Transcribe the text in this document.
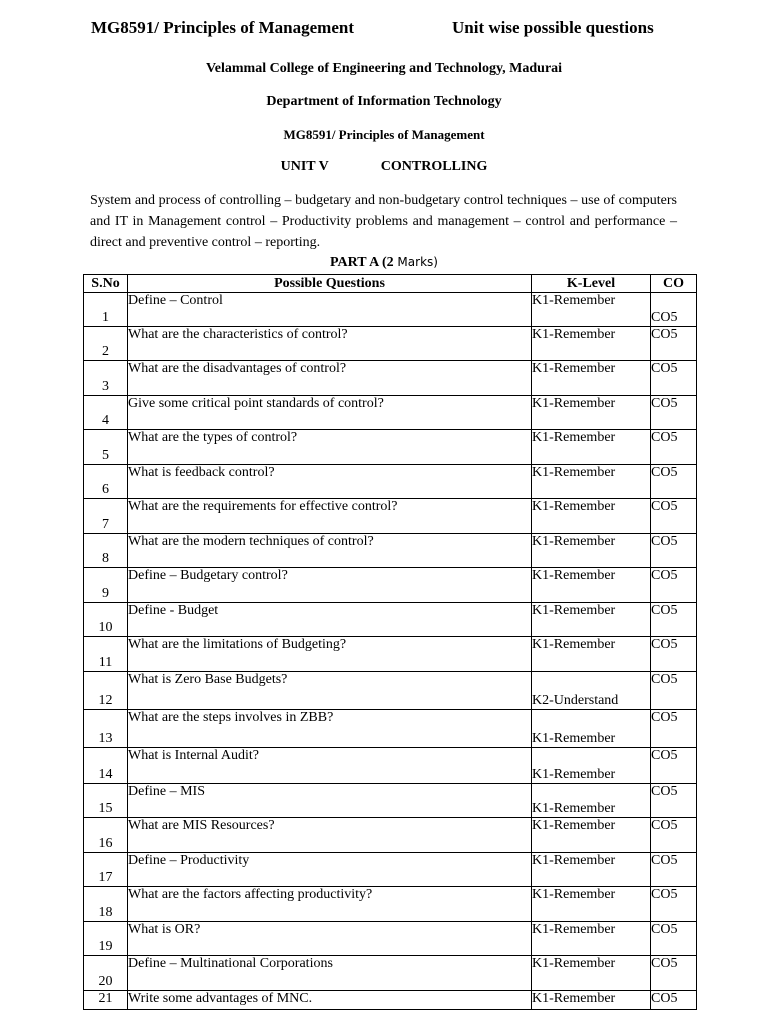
MG8591/ Principles of Management	Unit wise possible questions
Velammal College of Engineering and Technology, Madurai
Department of Information Technology
MG8591/ Principles of Management
UNIT V	CONTROLLING
System and process of controlling – budgetary and non-budgetary control techniques – use of computers and IT in Management control – Productivity problems and management – control and performance – direct and preventive control – reporting.
PART A (2 Marks)
S.No	Possible Questions	K-Level	CO
1	Define – Control	K1-Remember	CO5
2	What are the characteristics of control?	K1-Remember	CO5
3	What are the disadvantages of control?	K1-Remember	CO5
4	Give some critical point standards of control?	K1-Remember	CO5
5	What are the types of control?	K1-Remember	CO5
6	What is feedback control?	K1-Remember	CO5
7	What are the requirements for effective control?	K1-Remember	CO5
8	What are the modern techniques of control?	K1-Remember	CO5
9	Define – Budgetary control?	K1-Remember	CO5
10	Define - Budget	K1-Remember	CO5
11	What are the limitations of Budgeting?	K1-Remember	CO5
12	What is Zero Base Budgets?	K2-Understand	CO5
13	What are the steps involves in ZBB?	K1-Remember	CO5
14	What is Internal Audit?	K1-Remember	CO5
15	Define – MIS	K1-Remember	CO5
16	What are MIS Resources?	K1-Remember	CO5
17	Define – Productivity	K1-Remember	CO5
18	What are the factors affecting productivity?	K1-Remember	CO5
19	What is OR?	K1-Remember	CO5
20	Define – Multinational Corporations	K1-Remember	CO5
21	Write some advantages of MNC.	K1-Remember	CO5
